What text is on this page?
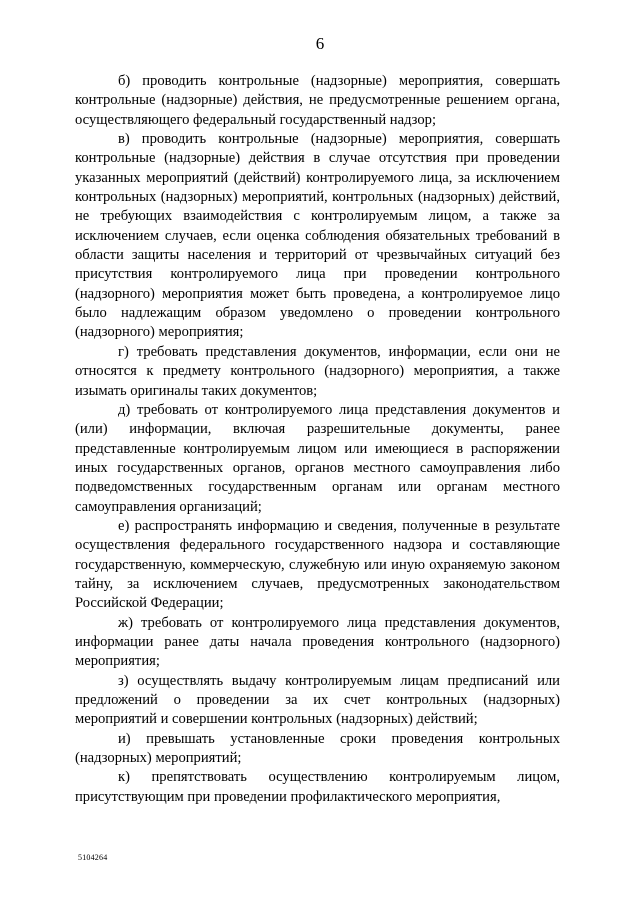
6

б) проводить контрольные (надзорные) мероприятия, совершать контрольные (надзорные) действия, не предусмотренные решением органа, осуществляющего федеральный государственный надзор;

в) проводить контрольные (надзорные) мероприятия, совершать контрольные (надзорные) действия в случае отсутствия при проведении указанных мероприятий (действий) контролируемого лица, за исключением контрольных (надзорных) мероприятий, контрольных (надзорных) действий, не требующих взаимодействия с контролируемым лицом, а также за исключением случаев, если оценка соблюдения обязательных требований в области защиты населения и территорий от чрезвычайных ситуаций без присутствия контролируемого лица при проведении контрольного (надзорного) мероприятия может быть проведена, а контролируемое лицо было надлежащим образом уведомлено о проведении контрольного (надзорного) мероприятия;

г) требовать представления документов, информации, если они не относятся к предмету контрольного (надзорного) мероприятия, а также изымать оригиналы таких документов;

д) требовать от контролируемого лица представления документов и (или) информации, включая разрешительные документы, ранее представленные контролируемым лицом или имеющиеся в распоряжении иных государственных органов, органов местного самоуправления либо подведомственных государственным органам или органам местного самоуправления организаций;

е) распространять информацию и сведения, полученные в результате осуществления федерального государственного надзора и составляющие государственную, коммерческую, служебную или иную охраняемую законом тайну, за исключением случаев, предусмотренных законодательством Российской Федерации;

ж) требовать от контролируемого лица представления документов, информации ранее даты начала проведения контрольного (надзорного) мероприятия;

з) осуществлять выдачу контролируемым лицам предписаний или предложений о проведении за их счет контрольных (надзорных) мероприятий и совершении контрольных (надзорных) действий;

и) превышать установленные сроки проведения контрольных (надзорных) мероприятий;

к) препятствовать осуществлению контролируемым лицом, присутствующим при проведении профилактического мероприятия,

5104264
